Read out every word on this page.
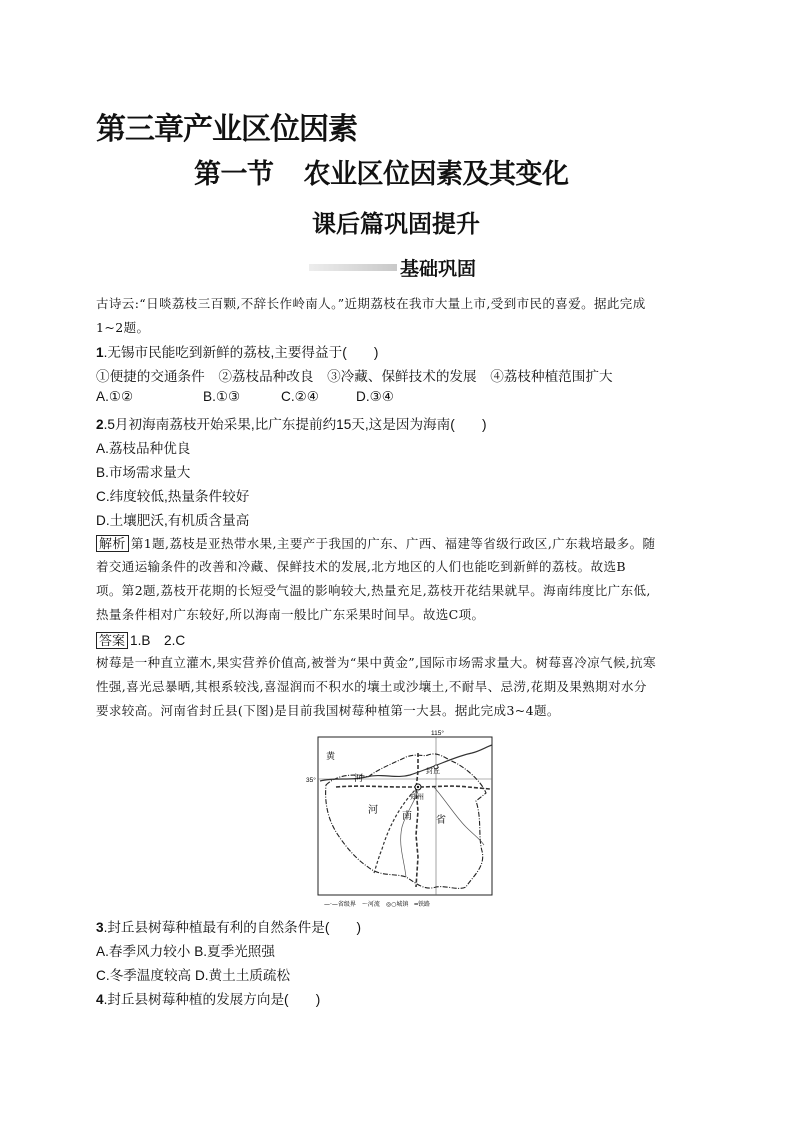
第三章产业区位因素
第一节 农业区位因素及其变化
课后篇巩固提升
基础巩固
古诗云:“日啖荔枝三百颗,不辞长作岭南人。”近期荔枝在我市大量上市,受到市民的喜爱。据此完成
1~2题。
1.无锡市民能吃到新鲜的荔枝,主要得益于(　　)
①便捷的交通条件　②荔枝品种改良　③冷藏、保鲜技术的发展　④荔枝种植范围扩大
A.①②	B.①③	C.②④	D.③④
2.5月初海南荔枝开始采果,比广东提前约15天,这是因为海南(　　)
A.荔枝品种优良
B.市场需求量大
C.纬度较低,热量条件较好
D.土壤肥沃,有机质含量高
解析 第1题,荔枝是亚热带水果,主要产于我国的广东、广西、福建等省级行政区,广东栽培最多。随
着交通运输条件的改善和冷藏、保鲜技术的发展,北方地区的人们也能吃到新鲜的荔枝。故选B
项。第2题,荔枝开花期的长短受气温的影响较大,热量充足,荔枝开花结果就早。海南纬度比广东低,
热量条件相对广东较好,所以海南一般比广东采果时间早。故选C项。
答案 1.B　2.C
树莓是一种直立灌木,果实营养价值高,被誉为“果中黄金”,国际市场需求量大。树莓喜冷凉气候,抗寒
性强,喜光忌暴晒,其根系较浅,喜湿润而不积水的壤土或沙壤土,不耐旱、忌涝,花期及果熟期对水分
要求较高。河南省封丘县(下图)是目前我国树莓种植第一大县。据此完成3~4题。
115°
35°
黄
河
封丘
郑州
河
南 省
—·—省级界　～河流　◎○城镇　═铁路
3.封丘县树莓种植最有利的自然条件是(　　)
A.春季风力较小 B.夏季光照强
C.冬季温度较高 D.黄土土质疏松
4.封丘县树莓种植的发展方向是(　　)
